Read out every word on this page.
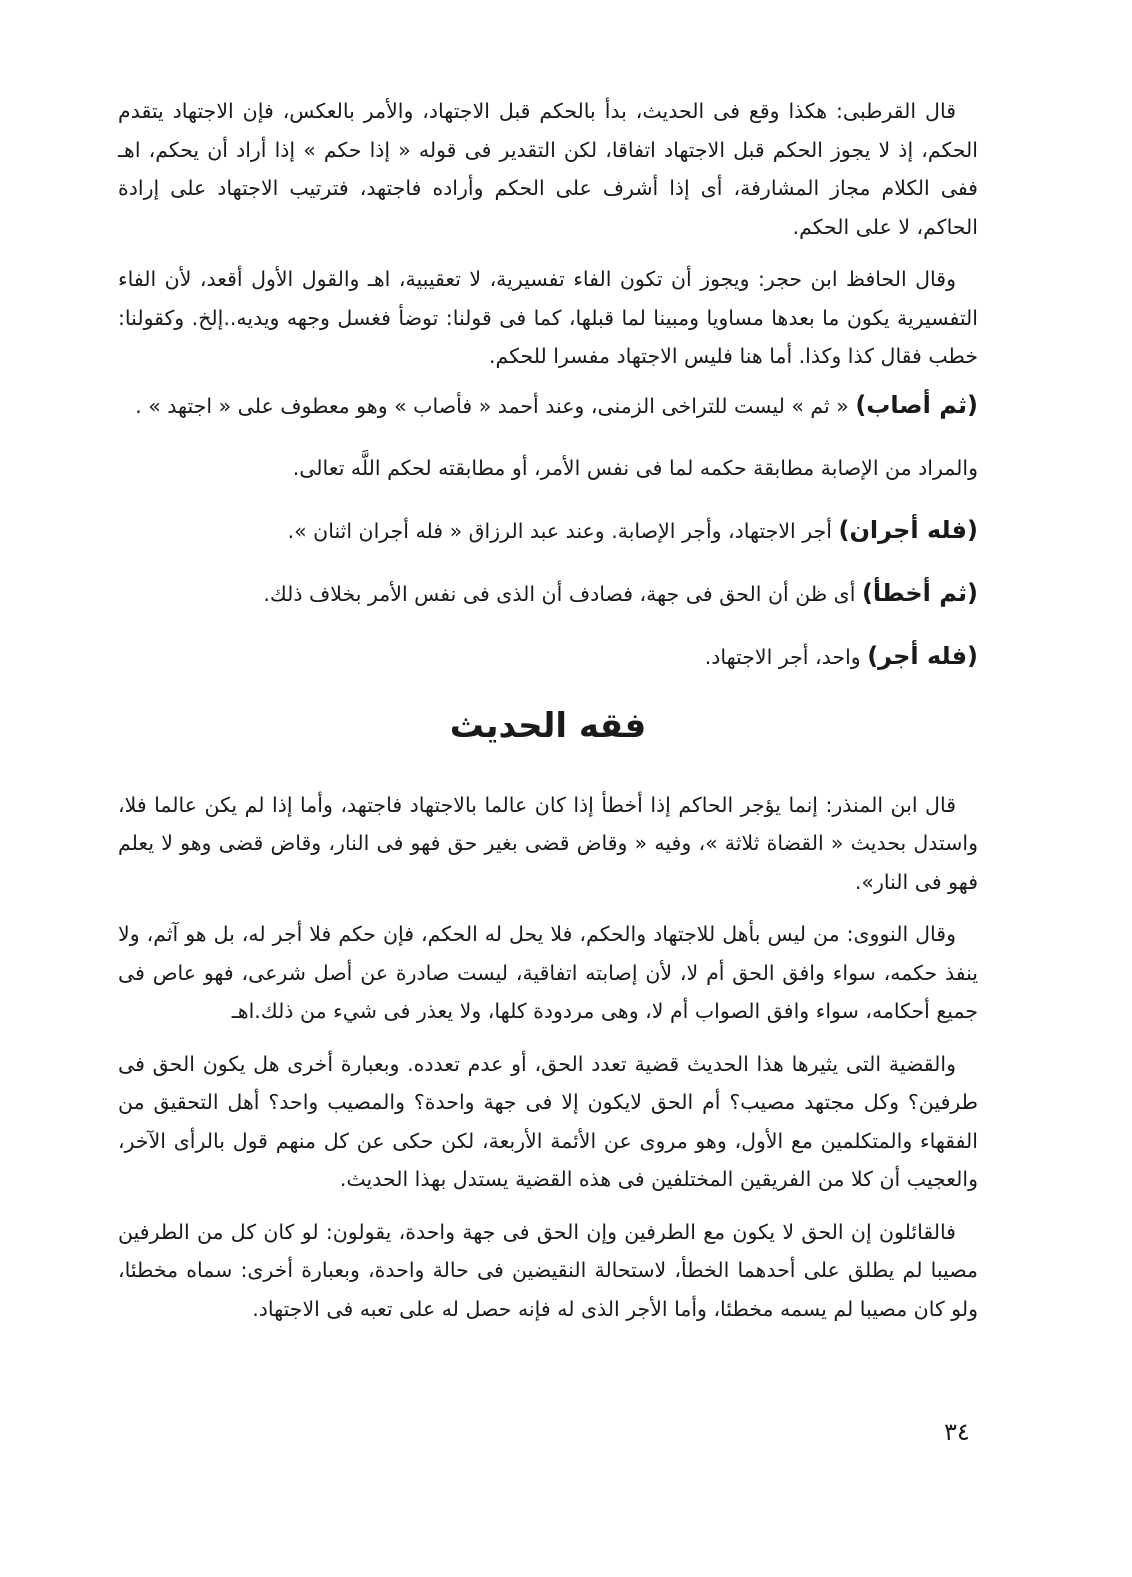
قال القرطبى: هكذا وقع فى الحديث، بدأ بالحكم قبل الاجتهاد، والأمر بالعكس، فإن الاجتهاد يتقدم الحكم، إذ لا يجوز الحكم قبل الاجتهاد اتفاقا، لكن التقدير فى قوله « إذا حكم » إذا أراد أن يحكم، اهـ ففى الكلام مجاز المشارفة، أى إذا أشرف على الحكم وأراده فاجتهد، فترتيب الاجتهاد على إرادة الحاكم، لا على الحكم.

وقال الحافظ ابن حجر: ويجوز أن تكون الفاء تفسيرية، لا تعقيبية، اهـ والقول الأول أقعد، لأن الفاء التفسيرية يكون ما بعدها مساويا ومبينا لما قبلها، كما فى قولنا: توضأ فغسل وجهه ويديه..إلخ. وكقولنا: خطب فقال كذا وكذا. أما هنا فليس الاجتهاد مفسرا للحكم.

(ثم أصاب) « ثم » ليست للتراخى الزمنى، وعند أحمد « فأصاب » وهو معطوف على « اجتهد » .

والمراد من الإصابة مطابقة حكمه لما فى نفس الأمر، أو مطابقته لحكم اللَّه تعالى.

(فله أجران) أجر الاجتهاد، وأجر الإصابة. وعند عبد الرزاق « فله أجران اثنان ».

(ثم أخطأ) أى ظن أن الحق فى جهة، فصادف أن الذى فى نفس الأمر بخلاف ذلك.

(فله أجر) واحد، أجر الاجتهاد.

فقه الحديث

قال ابن المنذر: إنما يؤجر الحاكم إذا أخطأ إذا كان عالما بالاجتهاد فاجتهد، وأما إذا لم يكن عالما فلا، واستدل بحديث « القضاة ثلاثة »، وفيه « وقاض قضى بغير حق فهو فى النار، وقاض قضى وهو لا يعلم فهو فى النار».

وقال النووى: من ليس بأهل للاجتهاد والحكم، فلا يحل له الحكم، فإن حكم فلا أجر له، بل هو آثم، ولا ينفذ حكمه، سواء وافق الحق أم لا، لأن إصابته اتفاقية، ليست صادرة عن أصل شرعى، فهو عاص فى جميع أحكامه، سواء وافق الصواب أم لا، وهى مردودة كلها، ولا يعذر فى شيء من ذلك.اهـ

والقضية التى يثيرها هذا الحديث قضية تعدد الحق، أو عدم تعدده. وبعبارة أخرى هل يكون الحق فى طرفين؟ وكل مجتهد مصيب؟ أم الحق لايكون إلا فى جهة واحدة؟ والمصيب واحد؟ أهل التحقيق من الفقهاء والمتكلمين مع الأول، وهو مروى عن الأئمة الأربعة، لكن حكى عن كل منهم قول بالرأى الآخر، والعجيب أن كلا من الفريقين المختلفين فى هذه القضية يستدل بهذا الحديث.

فالقائلون إن الحق لا يكون مع الطرفين وإن الحق فى جهة واحدة، يقولون: لو كان كل من الطرفين مصيبا لم يطلق على أحدهما الخطأ، لاستحالة النقيضين فى حالة واحدة، وبعبارة أخرى: سماه مخطئا، ولو كان مصيبا لم يسمه مخطئا، وأما الأجر الذى له فإنه حصل له على تعبه فى الاجتهاد.

٣٤
